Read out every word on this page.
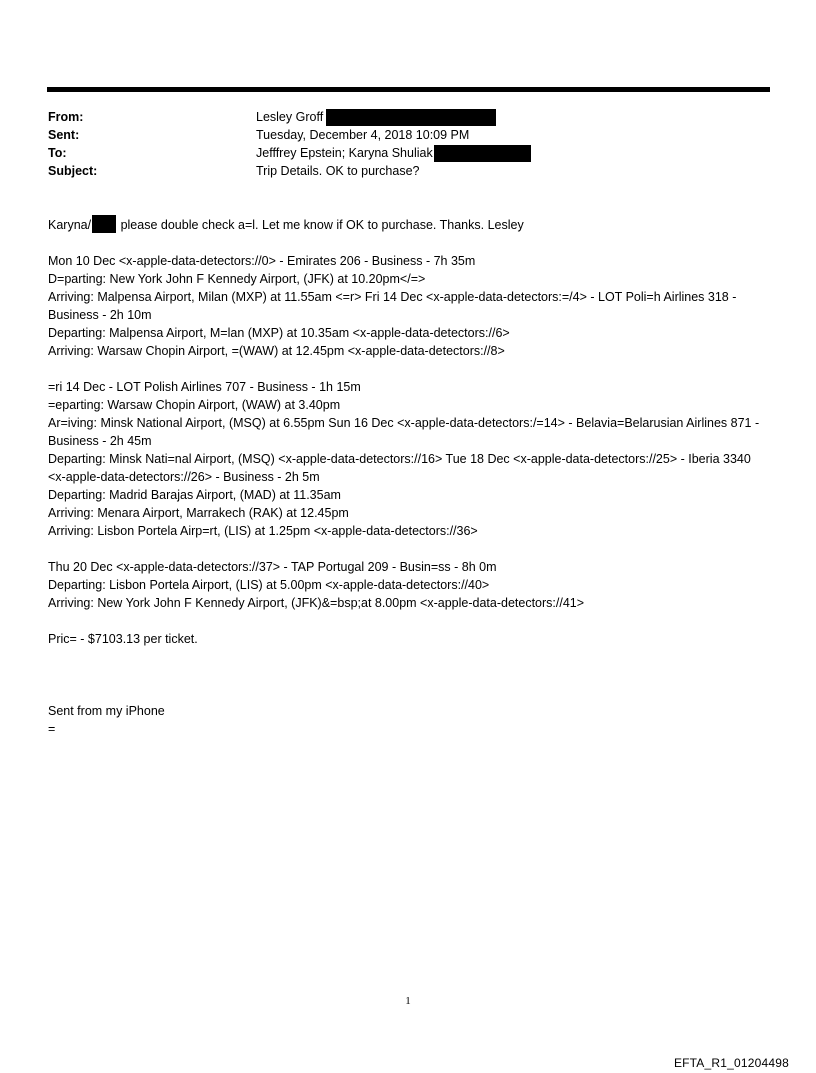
From:	Lesley Groff
Sent:	Tuesday, December 4, 2018 10:09 PM
To:	Jefffrey Epstein; Karyna Shuliak
Subject:	Trip Details. OK to purchase?
Karyna/ please double check a=l. Let me know if OK to purchase. Thanks. Lesley
Mon 10 Dec <x-apple-data-detectors://0> - Emirates 206 - Business - 7h 35m
D=parting: New York John F Kennedy Airport, (JFK) at 10.20pm</=>
Arriving: Malpensa Airport, Milan (MXP) at 11.55am <=r> Fri 14 Dec <x-apple-data-detectors:=/4> - LOT Poli=h Airlines 318 - Business - 2h 10m
Departing: Malpensa Airport, M=lan (MXP) at 10.35am <x-apple-data-detectors://6>
Arriving: Warsaw Chopin Airport, =(WAW) at 12.45pm <x-apple-data-detectors://8>
=ri 14 Dec - LOT Polish Airlines 707 - Business - 1h 15m
=eparting: Warsaw Chopin Airport, (WAW) at 3.40pm
Ar=iving: Minsk National Airport, (MSQ) at 6.55pm Sun 16 Dec <x-apple-data-detectors:/=14> - Belavia=Belarusian Airlines 871 - Business - 2h 45m
Departing: Minsk Nati=nal Airport, (MSQ) <x-apple-data-detectors://16> Tue 18 Dec <x-apple-data-detectors://25> - Iberia 3340 <x-apple-data-detectors://26> - Business - 2h 5m
Departing: Madrid Barajas Airport, (MAD) at 11.35am
Arriving: Menara Airport, Marrakech (RAK) at 12.45pm
Arriving: Lisbon Portela Airp=rt, (LIS) at 1.25pm <x-apple-data-detectors://36>
Thu 20 Dec <x-apple-data-detectors://37> - TAP Portugal 209 - Busin=ss - 8h 0m
Departing: Lisbon Portela Airport, (LIS) at 5.00pm <x-apple-data-detectors://40>
Arriving: New York John F Kennedy Airport, (JFK)&=bsp;at 8.00pm <x-apple-data-detectors://41>
Pric= - $7103.13 per ticket.
Sent from my iPhone
=
1
EFTA_R1_01204498
